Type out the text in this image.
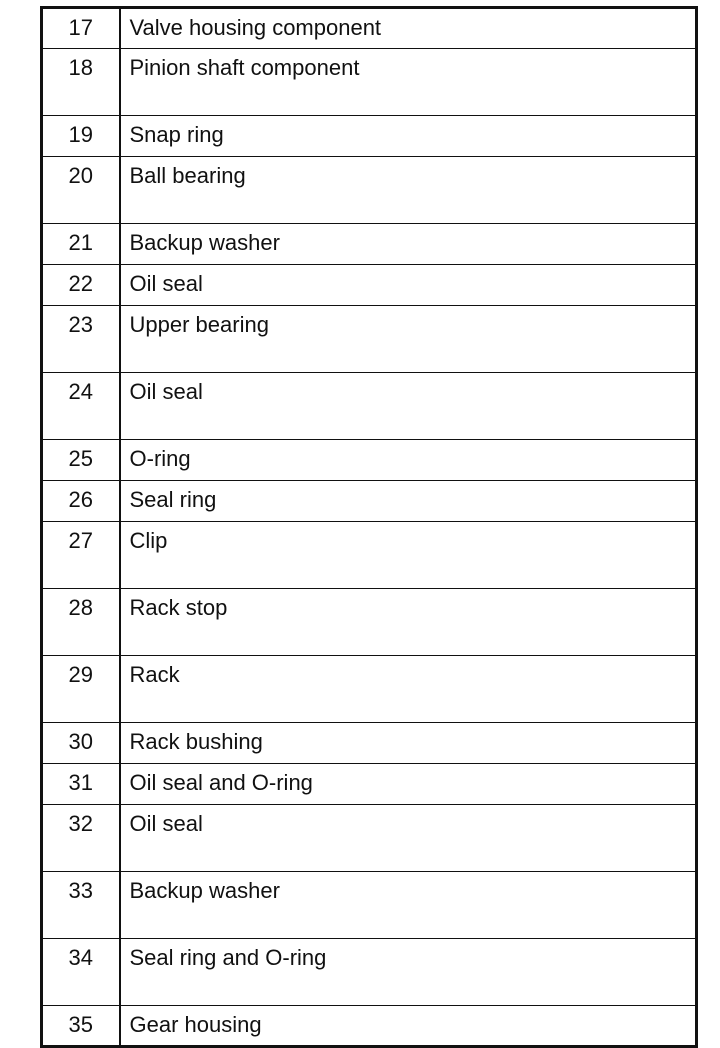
17	Valve housing component
18	Pinion shaft component
19	Snap ring
20	Ball bearing
21	Backup washer
22	Oil seal
23	Upper bearing
24	Oil seal
25	O-ring
26	Seal ring
27	Clip
28	Rack stop
29	Rack
30	Rack bushing
31	Oil seal and O-ring
32	Oil seal
33	Backup washer
34	Seal ring and O-ring
35	Gear housing
